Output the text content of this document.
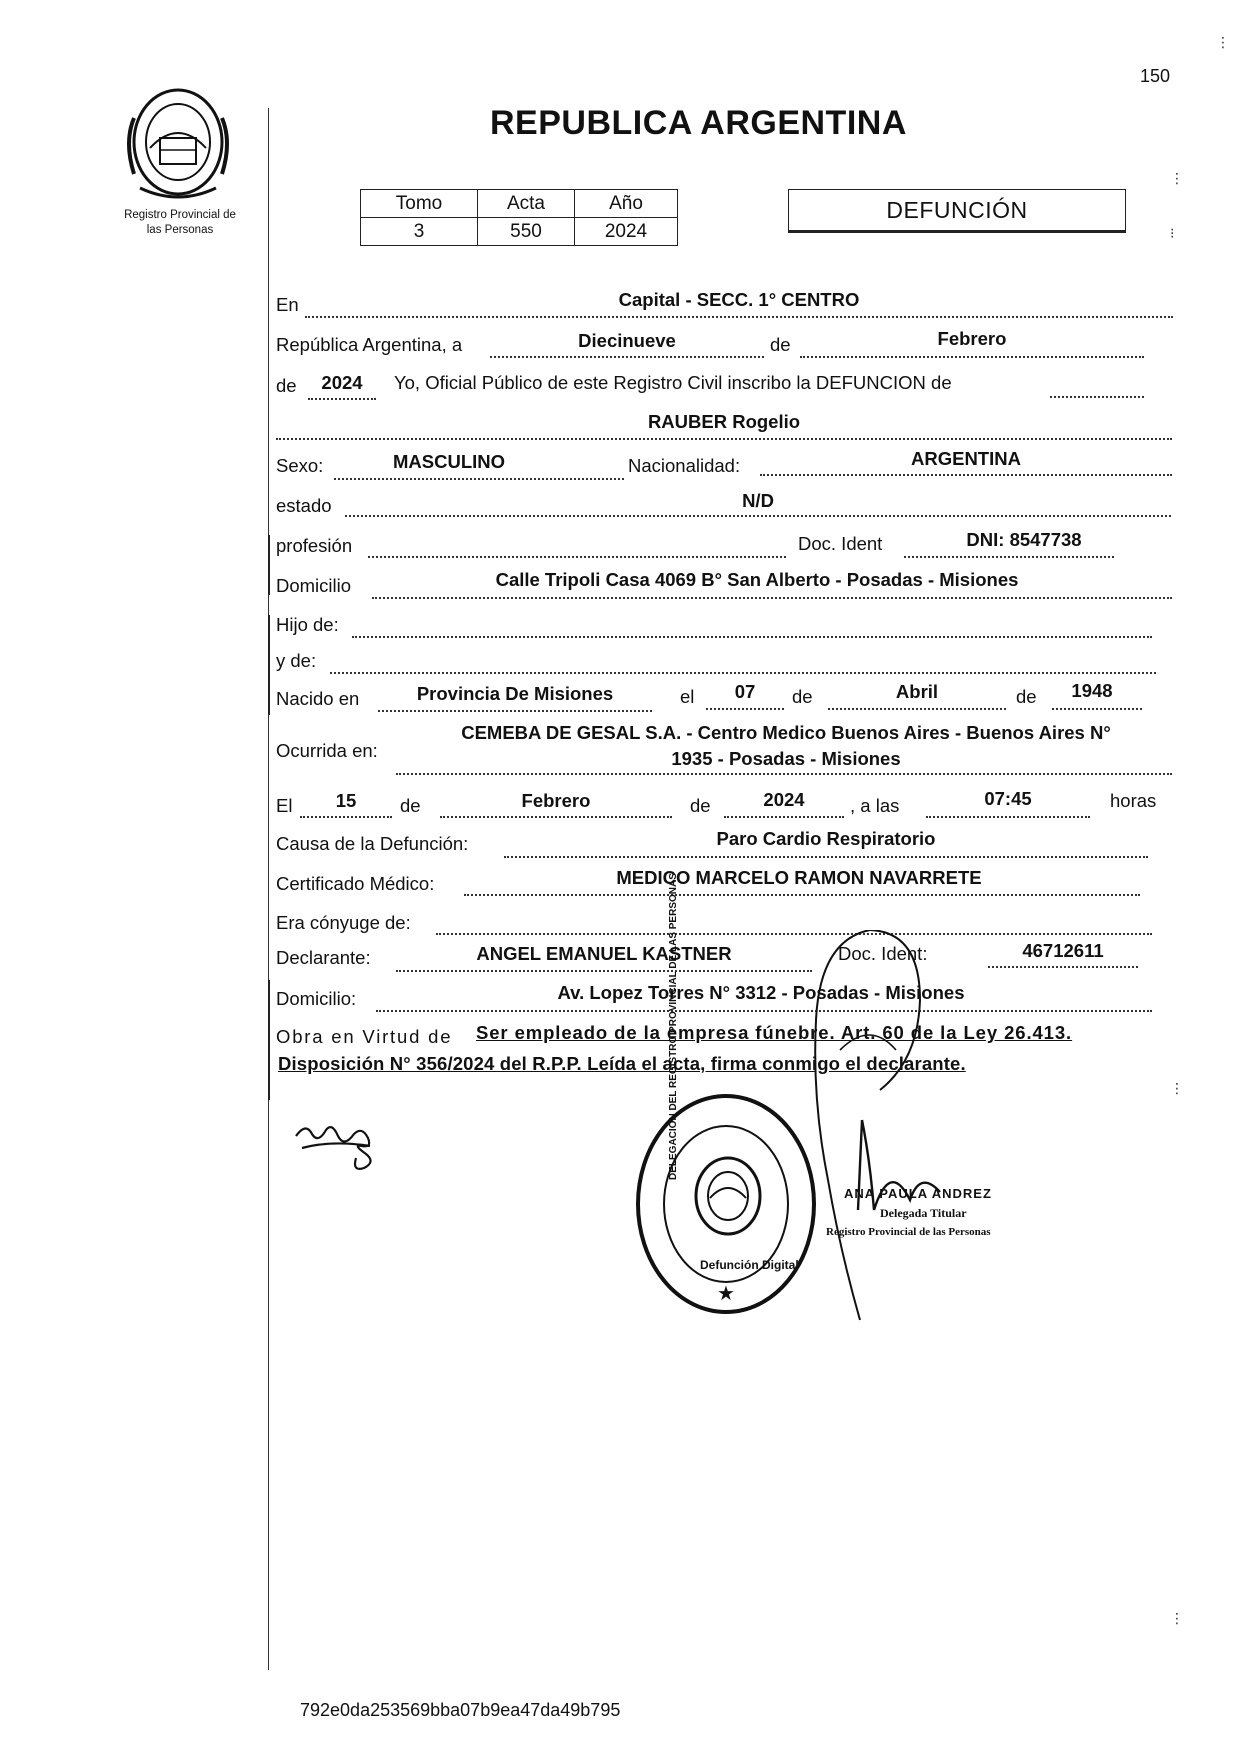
150
REPUBLICA ARGENTINA
Registro Provincial de
las Personas
Tomo	Acta	Año
3	550	2024
DEFUNCIÓN
En	Capital - SECC. 1° CENTRO
República Argentina, a	Diecinueve	de	Febrero
de	2024	Yo, Oficial Público de este Registro Civil inscribo la DEFUNCION de
RAUBER Rogelio
Sexo:	MASCULINO	Nacionalidad:	ARGENTINA
estado	N/D
profesión	Doc. Ident	DNI: 8547738
Domicilio	Calle Tripoli Casa 4069 B° San Alberto - Posadas - Misiones
Hijo de:
y de:
Nacido en	Provincia De Misiones	el	07	de	Abril	de	1948
Ocurrida en:
CEMEBA DE GESAL S.A. - Centro Medico Buenos Aires - Buenos Aires N°
1935 - Posadas - Misiones
El	15	de	Febrero	de	2024	, a las	07:45	horas
Causa de la Defunción:	Paro Cardio Respiratorio
Certificado Médico:	MEDICO MARCELO RAMON NAVARRETE
Era cónyuge de:
Declarante:	ANGEL EMANUEL KASTNER	Doc. Ident:	46712611
Domicilio:	Av. Lopez Torres N° 3312 - Posadas - Misiones
Obra en Virtud de Ser empleado de la empresa fúnebre. Art. 60 de la Ley 26.413.
Disposición N° 356/2024 del R.P.P. Leída el acta, firma conmigo el declarante.
★
DELEGACIÓN DEL REGISTRO PROVINCIAL DE LAS PERSONAS
Defunción Digital
ANA PAULA ANDREZ
Delegada Titular
Registro Provincial de las Personas
⋮
⋮
⁝
⋮
⋮
792e0da253569bba07b9ea47da49b795
